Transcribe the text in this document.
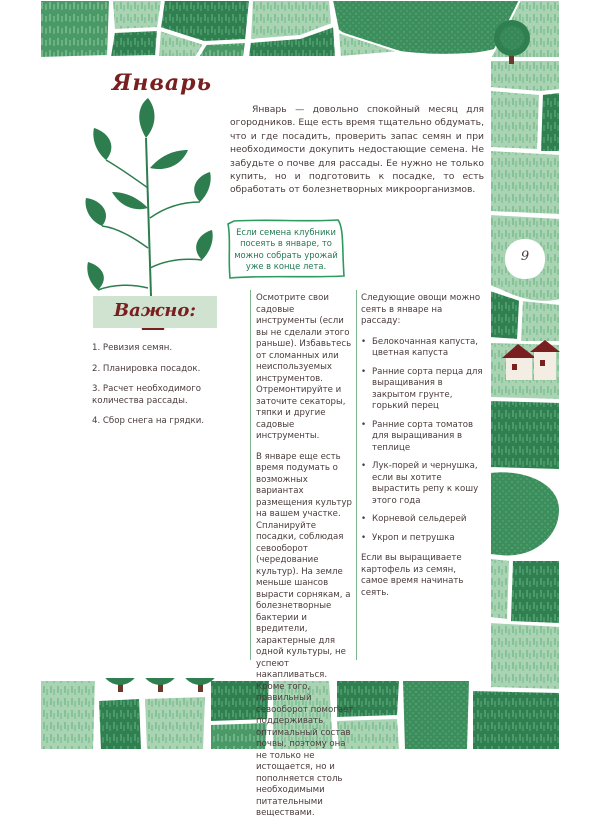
9
Январь

Январь — довольно спокойный месяц для огородников. Еще есть время тщательно обдумать, что и где посадить, проверить запас семян и при необходимости докупить недостающие семена. Не забудьте о почве для рассады. Ее нужно не только купить, но и подготовить к посадке, то есть обработать от болезнетворных микроорганизмов.

Если семена клубники посеять в январе, то можно собрать урожай уже в конце лета.
Важно:
1. Ревизия семян.
2. Планировка посадок.
3. Расчет необходимого количества рассады.
4. Сбор снега на грядки.

Осмотрите свои садовые инструменты (если вы не сделали этого раньше). Избавьтесь от сломанных или неиспользуемых инструментов. Отремонтируйте и заточите секаторы, тяпки и другие садовые инструменты.

В январе еще есть время подумать о возможных вариантах размещения культур на вашем участке. Спланируйте посадки, соблюдая севооборот (чередование культур). На земле меньше шансов вырасти сорнякам, а болезнетворные бактерии и вредители, характерные для одной культуры, не успеют накапливаться. Кроме того, правильный севооборот помогает поддерживать оптимальный состав почвы, поэтому она не только не истощается, но и пополняется столь необходимыми питательными веществами.

Следующие овощи можно сеять в январе на рассаду:

• Белокочанная капуста, цветная капуста
• Ранние сорта перца для выращивания в закрытом грунте, горький перец
• Ранние сорта томатов для выращивания в теплице
• Лук-порей и чернушка, если вы хотите вырастить репу к кошу этого года
• Корневой сельдерей
• Укроп и петрушка

Если вы выращиваете картофель из семян, самое время начинать сеять.
